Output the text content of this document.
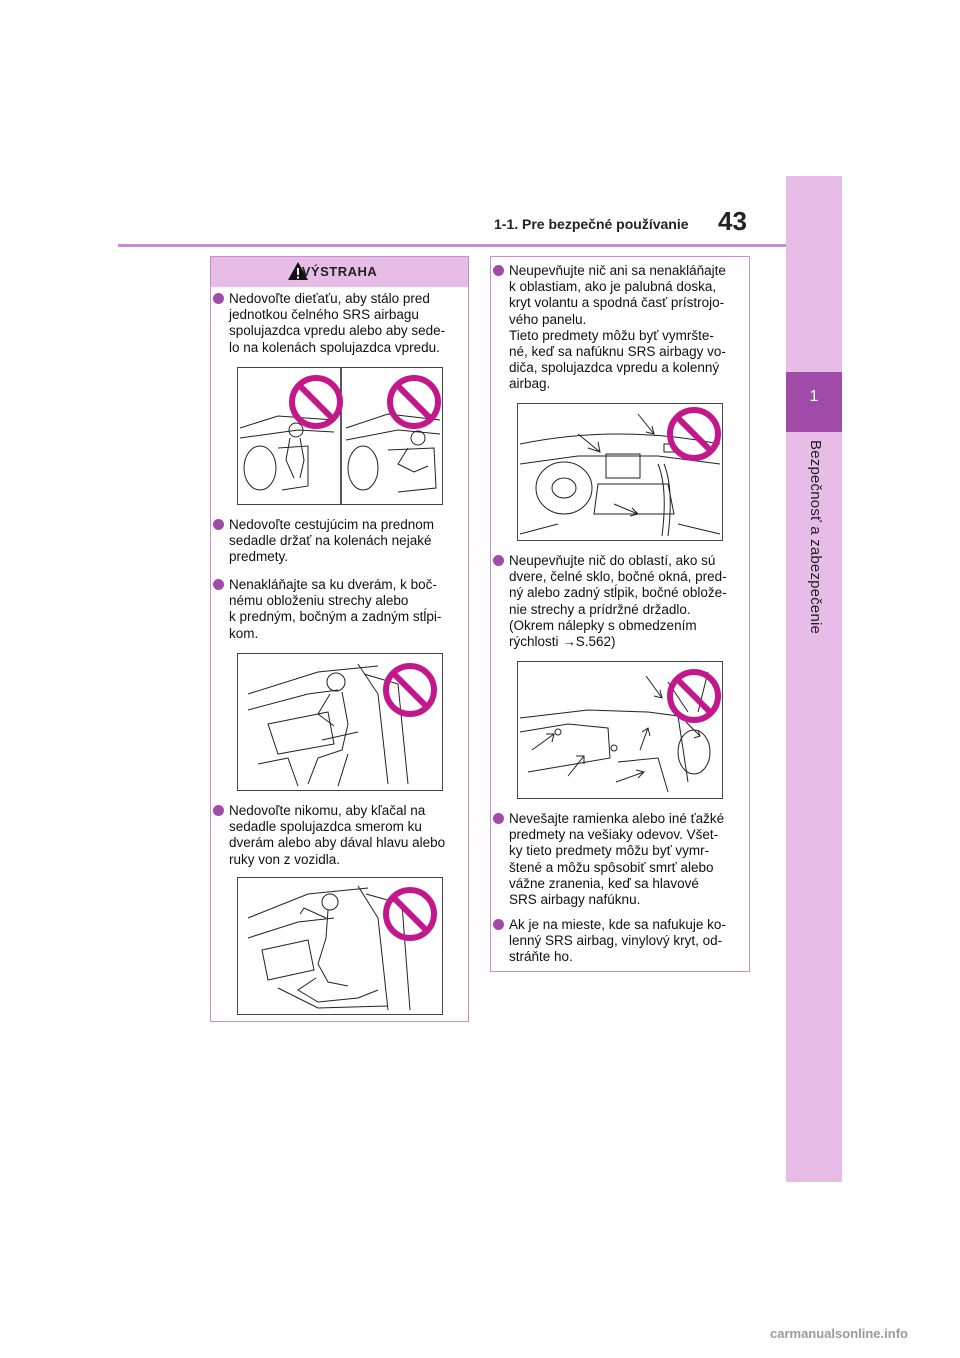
1
Bezpečnosť a zabezpečenie
1-1. Pre bezpečné používanie 43
VÝSTRAHA
Nedovoľte dieťaťu, aby stálo pred
jednotkou čelného SRS airbagu
spolujazdca vpredu alebo aby sede-
lo na kolenách spolujazdca vpredu.
Nedovoľte cestujúcim na prednom
sedadle držať na kolenách nejaké
predmety.
Nenakláňajte sa ku dverám, k boč-
nému obloženiu strechy alebo
k predným, bočným a zadným stĺpi-
kom.
Nedovoľte nikomu, aby kľačal na
sedadle spolujazdca smerom ku
dverám alebo aby dával hlavu alebo
ruky von z vozidla.
Neupevňujte nič ani sa nenakláňajte
k oblastiam, ako je palubná doska,
kryt volantu a spodná časť prístrojo-
vého panelu.
Tieto predmety môžu byť vymršte-
né, keď sa nafúknu SRS airbagy vo-
diča, spolujazdca vpredu a kolenný
airbag.
Neupevňujte nič do oblastí, ako sú
dvere, čelné sklo, bočné okná, pred-
ný alebo zadný stĺpik, bočné oblože-
nie strechy a prídržné držadlo.
(Okrem nálepky s obmedzením
rýchlosti →S.562)
Nevešajte ramienka alebo iné ťažké
predmety na vešiaky odevov. Všet-
ky tieto predmety môžu byť vymr-
štené a môžu spôsobiť smrť alebo
vážne zranenia, keď sa hlavové
SRS airbagy nafúknu.
Ak je na mieste, kde sa nafukuje ko-
lenný SRS airbag, vinylový kryt, od-
stráňte ho.
carmanualsonline.info
